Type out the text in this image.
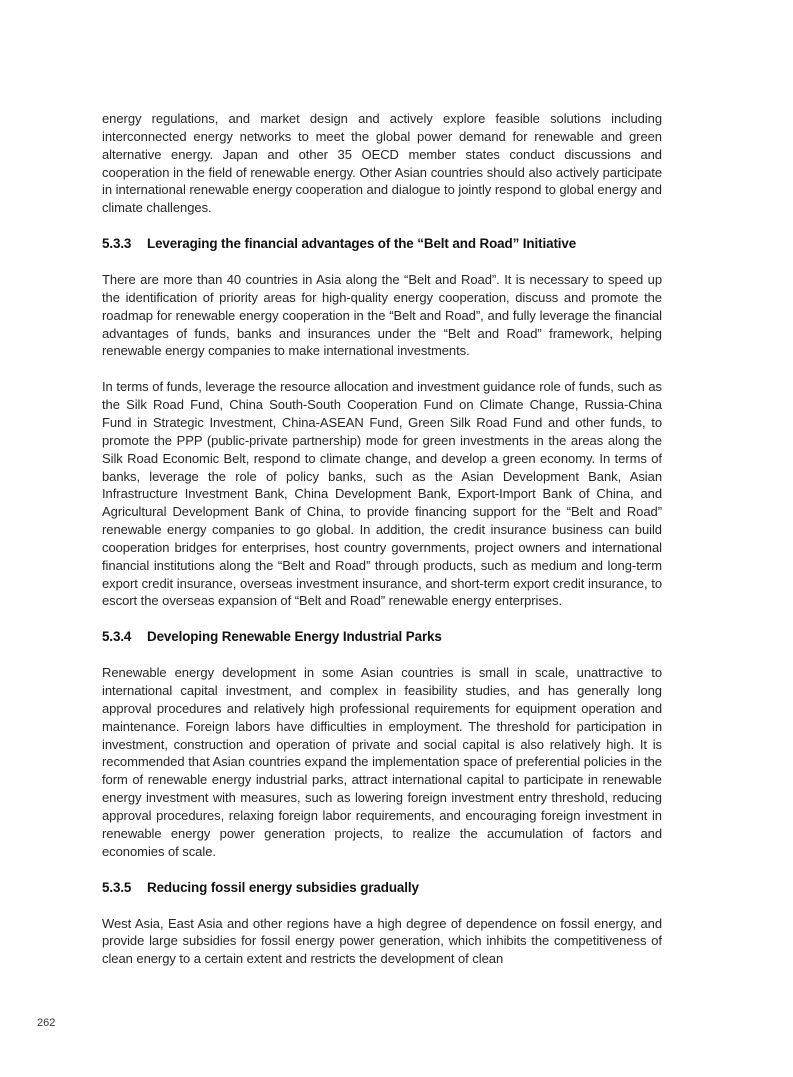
energy regulations, and market design and actively explore feasible solutions including interconnected energy networks to meet the global power demand for renewable and green alternative energy. Japan and other 35 OECD member states conduct discussions and cooperation in the field of renewable energy. Other Asian countries should also actively participate in international renewable energy cooperation and dialogue to jointly respond to global energy and climate challenges.

5.3.3 Leveraging the financial advantages of the “Belt and Road” Initiative

There are more than 40 countries in Asia along the “Belt and Road”. It is necessary to speed up the identification of priority areas for high-quality energy cooperation, discuss and promote the roadmap for renewable energy cooperation in the “Belt and Road”, and fully leverage the financial advantages of funds, banks and insurances under the “Belt and Road” framework, helping renewable energy companies to make international investments.

In terms of funds, leverage the resource allocation and investment guidance role of funds, such as the Silk Road Fund, China South-South Cooperation Fund on Climate Change, Russia-China Fund in Strategic Investment, China-ASEAN Fund, Green Silk Road Fund and other funds, to promote the PPP (public-private partnership) mode for green investments in the areas along the Silk Road Economic Belt, respond to climate change, and develop a green economy. In terms of banks, leverage the role of policy banks, such as the Asian Development Bank, Asian Infrastructure Investment Bank, China Development Bank, Export-Import Bank of China, and Agricultural Development Bank of China, to provide financing support for the “Belt and Road” renewable energy companies to go global. In addition, the credit insurance business can build cooperation bridges for enterprises, host country governments, project owners and international financial institutions along the “Belt and Road” through products, such as medium and long-term export credit insurance, overseas investment insurance, and short-term export credit insurance, to escort the overseas expansion of “Belt and Road” renewable energy enterprises.

5.3.4 Developing Renewable Energy Industrial Parks

Renewable energy development in some Asian countries is small in scale, unattractive to international capital investment, and complex in feasibility studies, and has generally long approval procedures and relatively high professional requirements for equipment operation and maintenance. Foreign labors have difficulties in employment. The threshold for participation in investment, construction and operation of private and social capital is also relatively high. It is recommended that Asian countries expand the implementation space of preferential policies in the form of renewable energy industrial parks, attract international capital to participate in renewable energy investment with measures, such as lowering foreign investment entry threshold, reducing approval procedures, relaxing foreign labor requirements, and encouraging foreign investment in renewable energy power generation projects, to realize the accumulation of factors and economies of scale.

5.3.5 Reducing fossil energy subsidies gradually

West Asia, East Asia and other regions have a high degree of dependence on fossil energy, and provide large subsidies for fossil energy power generation, which inhibits the competitiveness of clean energy to a certain extent and restricts the development of clean

262
